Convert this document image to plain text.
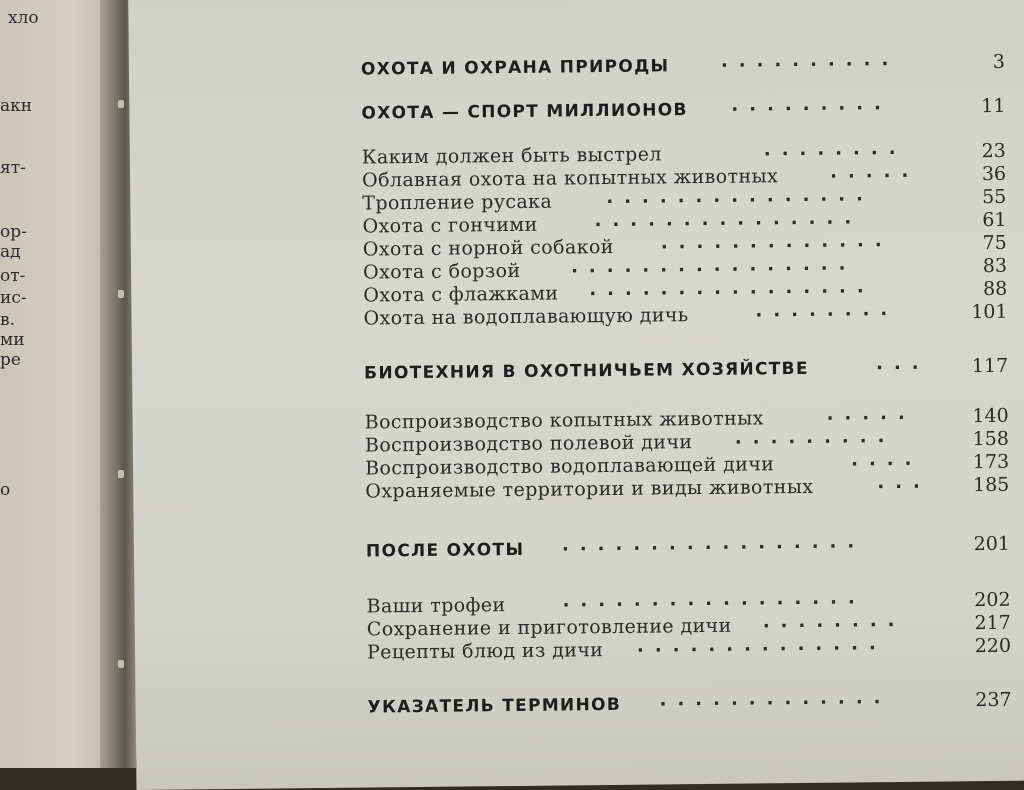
хло
акн
ят-
ор-
ад
от-
ис-
в.
ми
ре
о
ОХОТА И ОХРАНА ПРИРОДЫ	..........	3
ОХОТА — СПОРТ МИЛЛИОНОВ .........	11
Каким должен быть выстрел	........	23
Облавная охота на копытных животных	.....	36
Тропление русака	...............	55
Охота с гончими	...............	61
Охота с норной собакой	.............	75
Охота с борзой	................	83
Охота с флажками ................	88
Охота на водоплавающую дичь	........	101
БИОТЕХНИЯ В ОХОТНИЧЬЕМ ХОЗЯЙСТВЕ	... 117
Воспроизводство копытных животных	.....	140
Воспроизводство полевой дичи .........	158
Воспроизводство водоплавающей дичи	....	173
Охраняемые территории и виды животных	... 185
ПОСЛЕ ОХОТЫ .................	201
Ваши трофеи	.................	202
Сохранение и приготовление дичи ........	217
Рецепты блюд из дичи ..............	220
УКАЗАТЕЛЬ ТЕРМИНОВ .............	237
